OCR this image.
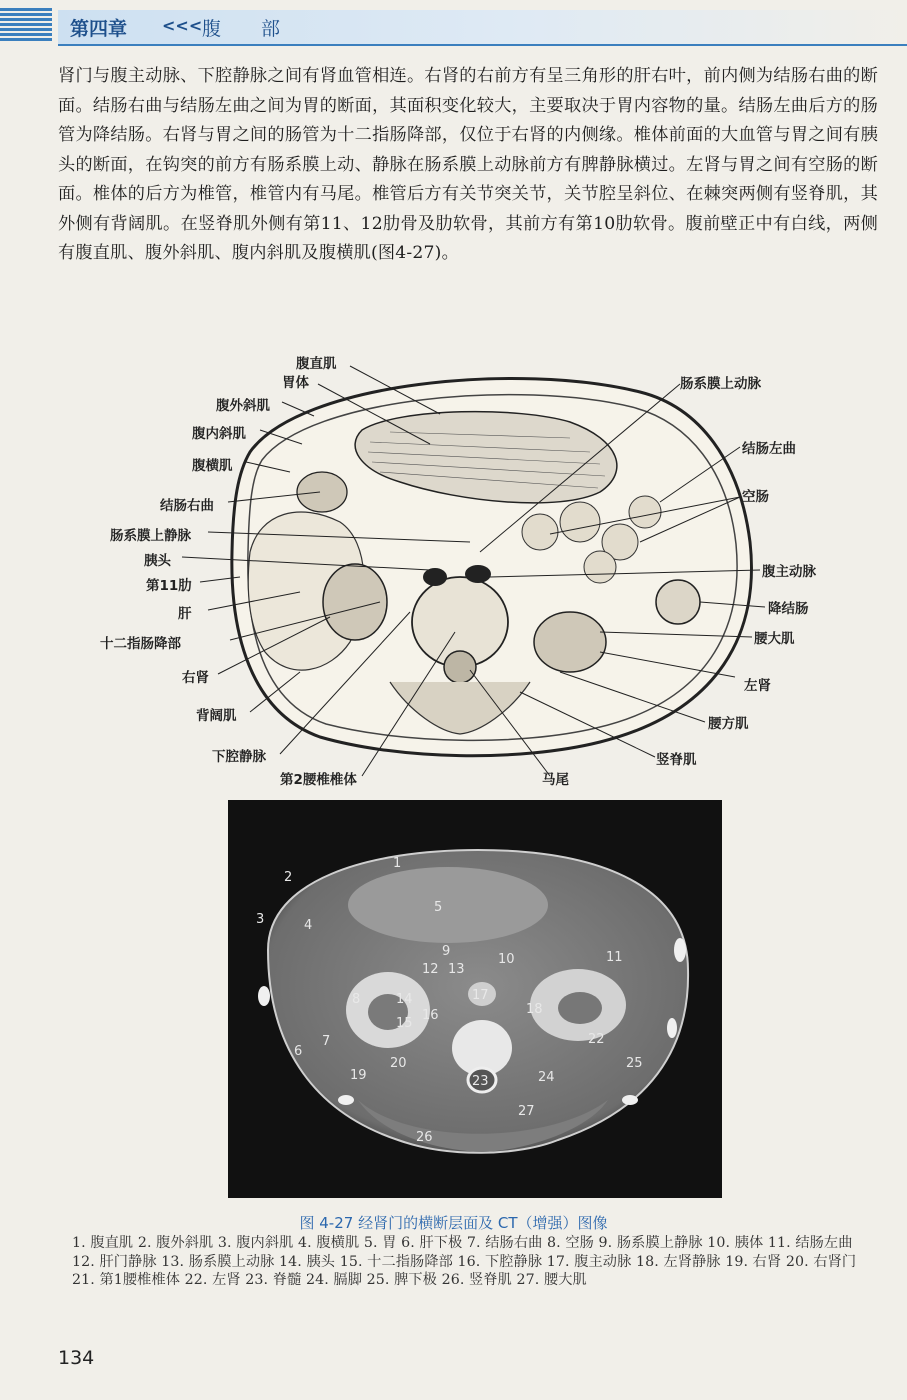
第四章 <<< 腹部
肾门与腹主动脉、下腔静脉之间有肾血管相连。右肾的右前方有呈三角形的肝右叶，前内侧为结肠右曲的断面。结肠右曲与结肠左曲之间为胃的断面，其面积变化较大，主要取决于胃内容物的量。结肠左曲后方的肠管为降结肠。右肾与胃之间的肠管为十二指肠降部，仅位于右肾的内侧缘。椎体前面的大血管与胃之间有胰头的断面，在钩突的前方有肠系膜上动、静脉在肠系膜上动脉前方有脾静脉横过。左肾与胃之间有空肠的断面。椎体的后方为椎管，椎管内有马尾。椎管后方有关节突关节，关节腔呈斜位、在棘突两侧有竖脊肌，其外侧有背阔肌。在竖脊肌外侧有第11、12肋骨及肋软骨，其前方有第10肋软骨。腹前壁正中有白线，两侧有腹直肌、腹外斜肌、腹内斜肌及腹横肌(图4-27)。
腹直肌
胃体
腹外斜肌
腹内斜肌
腹横肌
结肠右曲
肠系膜上静脉
胰头
第11肋
肝
十二指肠降部
右肾
背阔肌
下腔静脉
第2腰椎椎体	马尾
肠系膜上动脉
结肠左曲
空肠
腹主动脉
降结肠
腰大肌
左肾
腰方肌
竖脊肌
1
2
3	4
5
6
7
8
9
10	11
12 13
14
15
16
17
18
19
20
21
22
23	24
25
26
27
图 4-27 经肾门的横断层面及 CT（增强）图像
1. 腹直肌 2. 腹外斜肌 3. 腹内斜肌 4. 腹横肌 5. 胃 6. 肝下极 7. 结肠右曲 8. 空肠 9. 肠系膜上静脉 10. 胰体 11. 结肠左曲 12. 肝门静脉 13. 肠系膜上动脉 14. 胰头 15. 十二指肠降部 16. 下腔静脉 17. 腹主动脉 18. 左肾静脉 19. 右肾 20. 右肾门 21. 第1腰椎椎体 22. 左肾 23. 脊髓 24. 膈脚 25. 脾下极 26. 竖脊肌 27. 腰大肌
134
